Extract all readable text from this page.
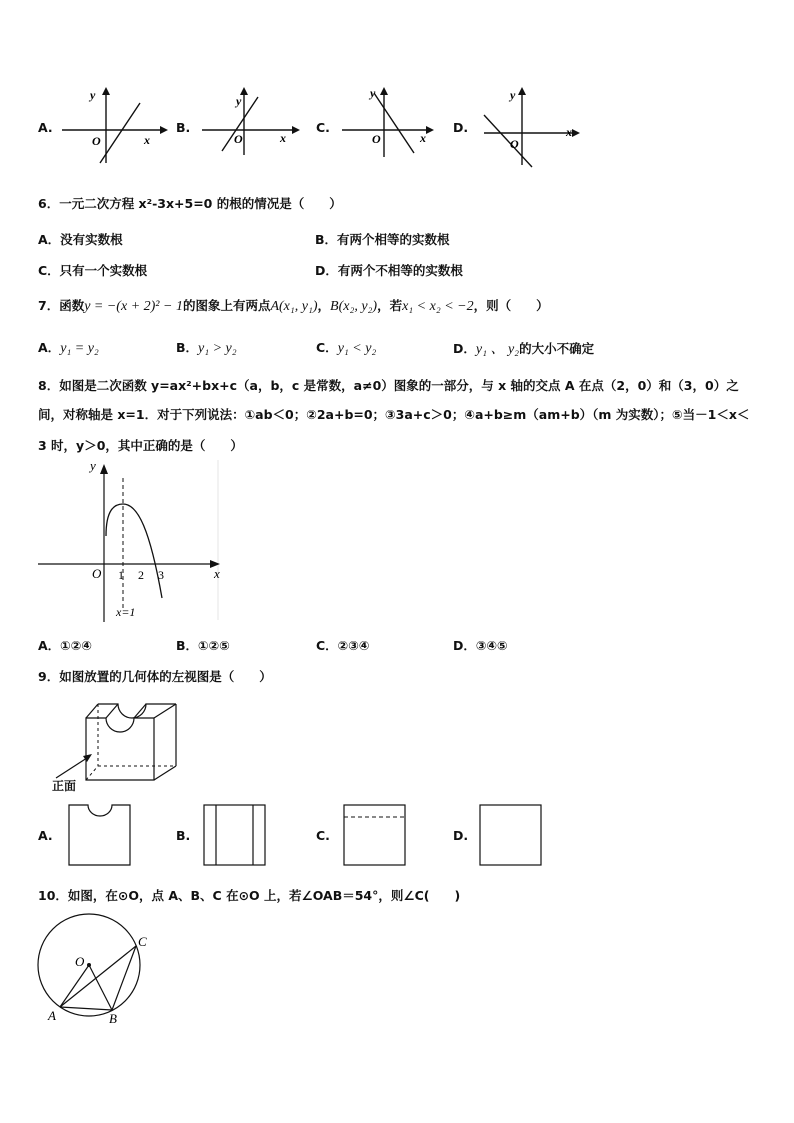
A.
y
O	x
B.
y
O	x
C.
y
O	x
D.
y
O
x
6．一元二次方程 x²-3x+5=0 的根的情况是（　　）
A．没有实数根	B．有两个相等的实数根
C．只有一个实数根	D．有两个不相等的实数根
7．函数y = −(x + 2)² − 1的图象上有两点A(x₁, y₁)，B(x₂, y₂)，若x₁ < x₂ < −2，则（　　）
A．y₁ = y₂	B．y₁ > y₂	C．y₁ < y₂	D．y₁ 、 y₂的大小不确定
8．如图是二次函数 y=ax²+bx+c（a，b，c 是常数，a≠0）图象的一部分，与 x 轴的交点 A 在点（2，0）和（3，0）之
间，对称轴是 x=1．对于下列说法：①ab＜0；②2a+b=0；③3a+c＞0；④a+b≥m（am+b）（m 为实数）；⑤当－1＜x＜
3 时，y＞0，其中正确的是（　　）
y
O 1 2 3	x
x=1
A．①②④	B．①②⑤	C．②③④	D．③④⑤
9．如图放置的几何体的左视图是（　　）
正面
A.	B.	C.	D.
10．如图，在⊙O，点 A、B、C 在⊙O 上，若∠OAB＝54°，则∠C(　　)
O
A	B
C
